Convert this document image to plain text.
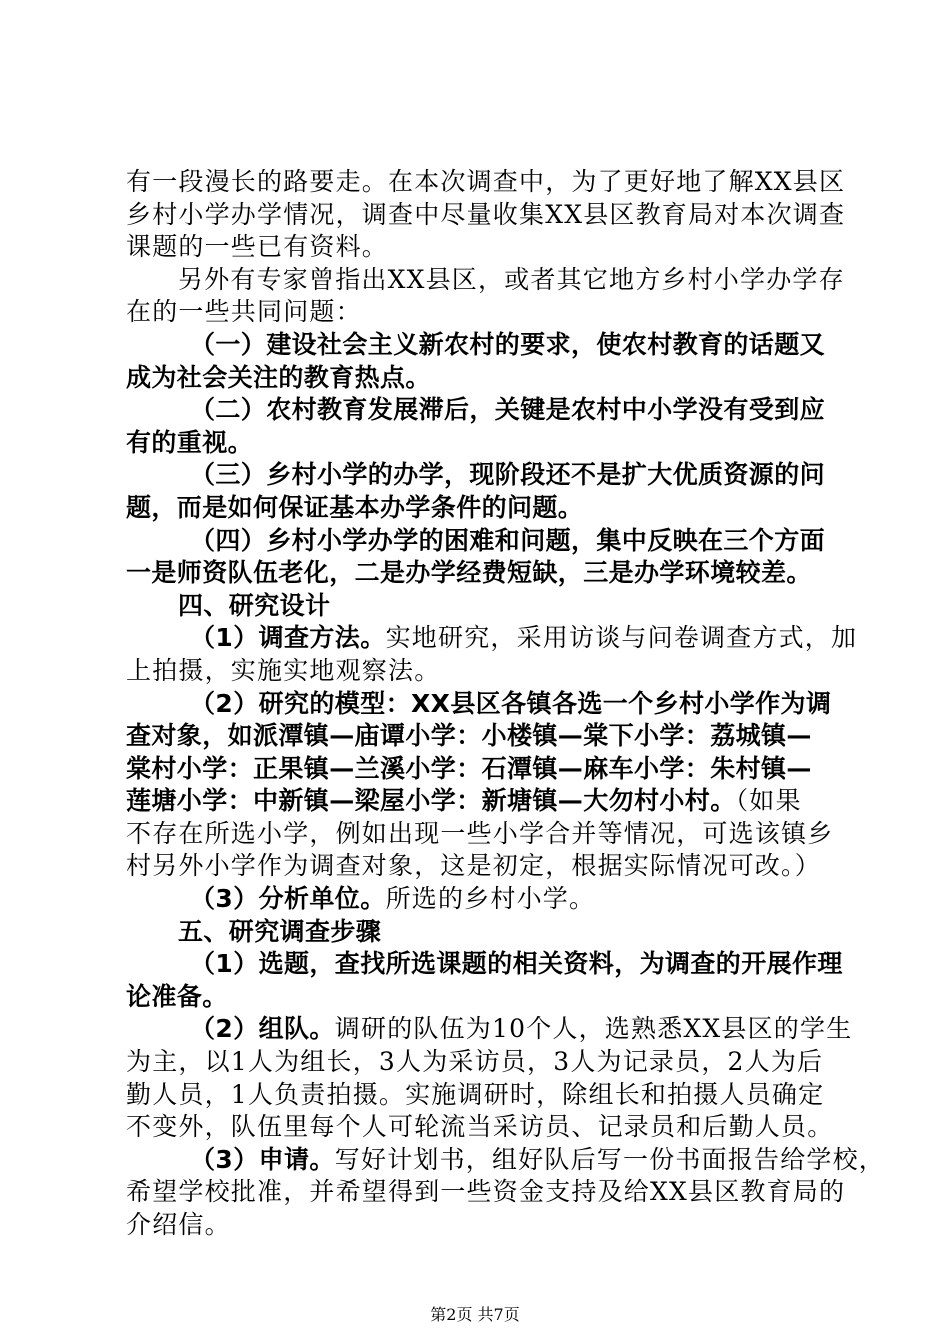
有一段漫长的路要走。在本次调查中，为了更好地了解XX县区
乡村小学办学情况，调查中尽量收集XX县区教育局对本次调查
课题的一些已有资料。
另外有专家曾指出XX县区，或者其它地方乡村小学办学存
在的一些共同问题：
（一）建设社会主义新农村的要求，使农村教育的话题又
成为社会关注的教育热点。
（二）农村教育发展滞后，关键是农村中小学没有受到应
有的重视。
（三）乡村小学的办学，现阶段还不是扩大优质资源的问
题，而是如何保证基本办学条件的问题。
（四）乡村小学办学的困难和问题，集中反映在三个方面
一是师资队伍老化，二是办学经费短缺，三是办学环境较差。
四、研究设计
（1）调查方法。实地研究，采用访谈与问卷调查方式，加
上拍摄，实施实地观察法。
（2）研究的模型：XX县区各镇各选一个乡村小学作为调
查对象，如派潭镇—庙谭小学：小楼镇—棠下小学：荔城镇—
棠村小学：正果镇—兰溪小学：石潭镇—麻车小学：朱村镇—
莲塘小学：中新镇—梁屋小学：新塘镇—大勿村小村。（如果
不存在所选小学，例如出现一些小学合并等情况，可选该镇乡
村另外小学作为调查对象，这是初定，根据实际情况可改。）
（3）分析单位。所选的乡村小学。
五、研究调查步骤
（1）选题，查找所选课题的相关资料，为调查的开展作理
论准备。
（2）组队。调研的队伍为10个人，选熟悉XX县区的学生
为主，以1人为组长，3人为采访员，3人为记录员，2人为后
勤人员，1人负责拍摄。实施调研时，除组长和拍摄人员确定
不变外，队伍里每个人可轮流当采访员、记录员和后勤人员。
（3）申请。写好计划书，组好队后写一份书面报告给学校，
希望学校批准，并希望得到一些资金支持及给XX县区教育局的
介绍信。
第2页 共7页
